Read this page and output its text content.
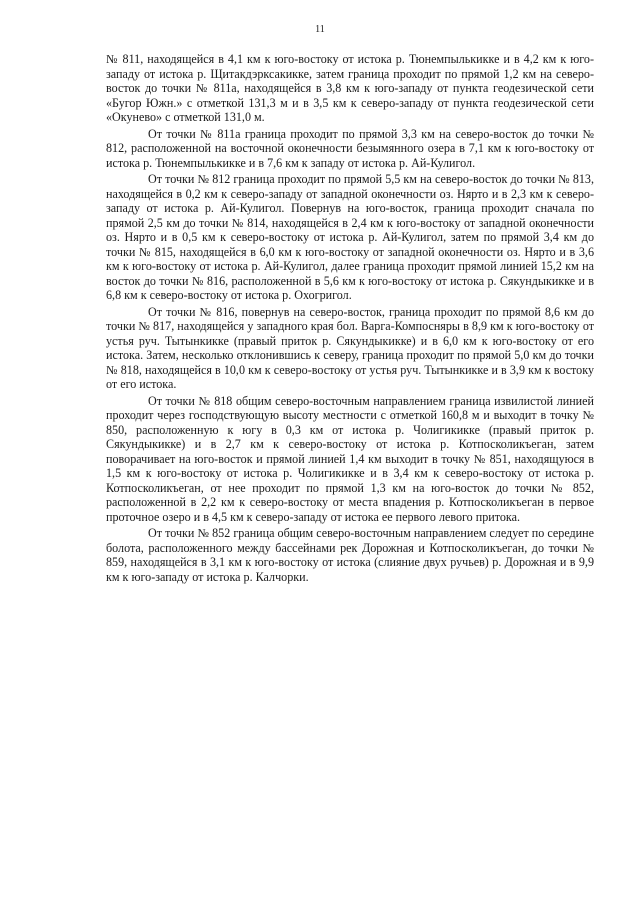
11

№ 811, находящейся в 4,1 км к юго-востоку от истока р. Тюнемпылькикке и в 4,2 км к юго-западу от истока р. Щитакдэрксакикке, затем граница проходит по прямой 1,2 км на северо-восток до точки № 811а, находящейся в 3,8 км к юго-западу от пункта геодезической сети «Бугор Южн.» с отметкой 131,3 м и в 3,5 км к северо-западу от пункта геодезической сети «Окунево» с отметкой 131,0 м.

От точки № 811а граница проходит по прямой 3,3 км на северо-восток до точки № 812, расположенной на восточной оконечности безымянного озера в 7,1 км к юго-востоку от истока р. Тюнемпылькикке и в 7,6 км к западу от истока р. Ай-Кулигол.

От точки № 812 граница проходит по прямой 5,5 км на северо-восток до точки № 813, находящейся в 0,2 км к северо-западу от западной оконечности оз. Нярто и в 2,3 км к северо-западу от истока р. Ай-Кулигол. Повернув на юго-восток, граница проходит сначала по прямой 2,5 км до точки № 814, находящейся в 2,4 км к юго-востоку от западной оконечности оз. Нярто и в 0,5 км к северо-востоку от истока р. Ай-Кулигол, затем по прямой 3,4 км до точки № 815, находящейся в 6,0 км к юго-востоку от западной оконечности оз. Нярто и в 3,6 км к юго-востоку от истока р. Ай-Кулигол, далее граница проходит прямой линией 15,2 км на восток до точки № 816, расположенной в 5,6 км к юго-востоку от истока р. Сякундыкикке и в 6,8 км к северо-востоку от истока р. Охогригол.

От точки № 816, повернув на северо-восток, граница проходит по прямой 8,6 км до точки № 817, находящейся у западного края бол. Варга-Компосняры в 8,9 км к юго-востоку от устья руч. Тытынкикке (правый приток р. Сякундыкикке) и в 6,0 км к юго-востоку от его истока. Затем, несколько отклонившись к северу, граница проходит по прямой 5,0 км до точки № 818, находящейся в 10,0 км к северо-востоку от устья руч. Тытынкикке и в 3,9 км к востоку от его истока.

От точки № 818 общим северо-восточным направлением граница извилистой линией проходит через господствующую высоту местности с отметкой 160,8 м и выходит в точку № 850, расположенную к югу в 0,3 км от истока р. Чолигикикке (правый приток р. Сякундыкикке) и в 2,7 км к северо-востоку от истока р. Котпосколикъеган, затем поворачивает на юго-восток и прямой линией 1,4 км выходит в точку № 851, находящуюся в 1,5 км к юго-востоку от истока р. Чолигикикке и в 3,4 км к северо-востоку от истока р. Котпосколикъеган, от нее проходит по прямой 1,3 км на юго-восток до точки № 852, расположенной в 2,2 км к северо-востоку от места впадения р. Котпосколикъеган в первое проточное озеро и в 4,5 км к северо-западу от истока ее первого левого притока.

От точки № 852 граница общим северо-восточным направлением следует по середине болота, расположенного между бассейнами рек Дорожная и Котпосколикъеган, до точки № 859, находящейся в 3,1 км к юго-востоку от истока (слияние двух ручьев) р. Дорожная и в 9,9 км к юго-западу от истока р. Калчорки.
